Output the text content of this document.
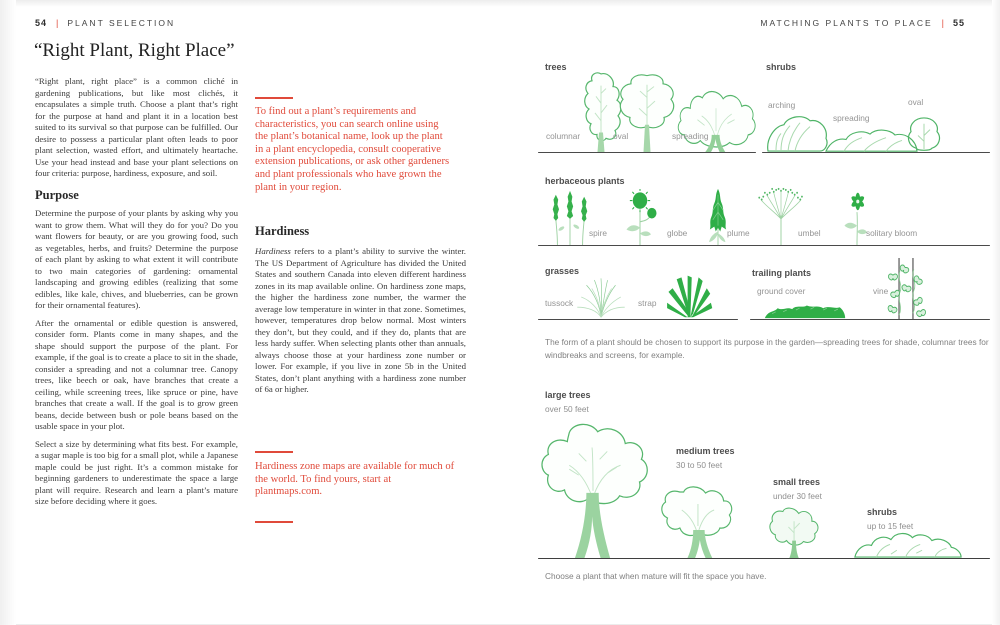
54 | PLANT SELECTION
“Right Plant, Right Place”

“Right plant, right place” is a common cliché in gardening publications, but like most clichés, it encapsulates a simple truth. Choose a plant that’s right for the purpose at hand and plant it in a location best suited to its survival so that purpose can be fulfilled. Our desire to possess a particular plant often leads to poor plant selection, wasted effort, and ultimately heartache. Use your head instead and base your plant selections on four criteria: purpose, hardiness, exposure, and soil.

Purpose

Determine the purpose of your plants by asking why you want to grow them. What will they do for you? Do you want flowers for beauty, or are you growing food, such as vegetables, herbs, and fruits? Determine the purpose of each plant by asking to what extent it will contribute to two main categories of gardening: ornamental landscaping and growing edibles (realizing that some edibles, like kale, chives, and blueberries, can be grown for their ornamental features).

After the ornamental or edible question is answered, consider form. Plants come in many shapes, and the shape should support the purpose of the plant. For example, if the goal is to create a place to sit in the shade, consider a spreading and not a columnar tree. Canopy trees, like beech or oak, have branches that create a ceiling, while screening trees, like spruce or pine, have branches that create a wall. If the goal is to grow green beans, decide between bush or pole beans based on the usable space in your plot.

Select a size by determining what fits best. For example, a sugar maple is too big for a small plot, while a Japanese maple could be just right. It’s a common mistake for beginning gardeners to underestimate the space a large plant will require. Research and learn a plant’s mature size before deciding where it goes.

To find out a plant’s requirements and characteristics, you can search online using the plant’s botanical name, look up the plant in a plant encyclopedia, consult cooperative extension publications, or ask other gardeners and plant professionals who have grown the plant in your region.
Hardiness
Hardiness refers to a plant’s ability to survive the winter. The US Department of Agriculture has divided the United States and southern Canada into eleven different hardiness zones in its map available online. On hardiness zone maps, the higher the hardiness zone number, the warmer the average low temperature in winter in that zone. Sometimes, however, temperatures drop below normal. Most winters they don’t, but they could, and if they do, plants that are less hardy suffer. When selecting plants other than annuals, always choose those at your hardiness zone number or lower. For example, if you live in zone 5b in the United States, don’t plant anything with a hardiness zone number of 6a or higher.
Hardiness zone maps are available for much of the world. To find yours, start at plantmaps.com.
MATCHING PLANTS TO PLACE | 55
trees
columnar	oval	spreading
shrubs
arching
spreading
oval
herbaceous plants
spire	globe	plume	umbel	solitary bloom
grasses
tussock	strap
trailing plants
ground cover	vine
The form of a plant should be chosen to support its purpose in the garden—spreading trees for shade, columnar trees for windbreaks and screens, for example.
large trees
over 50 feet
medium trees
30 to 50 feet
small trees
under 30 feet
shrubs
up to 15 feet
Choose a plant that when mature will fit the space you have.
